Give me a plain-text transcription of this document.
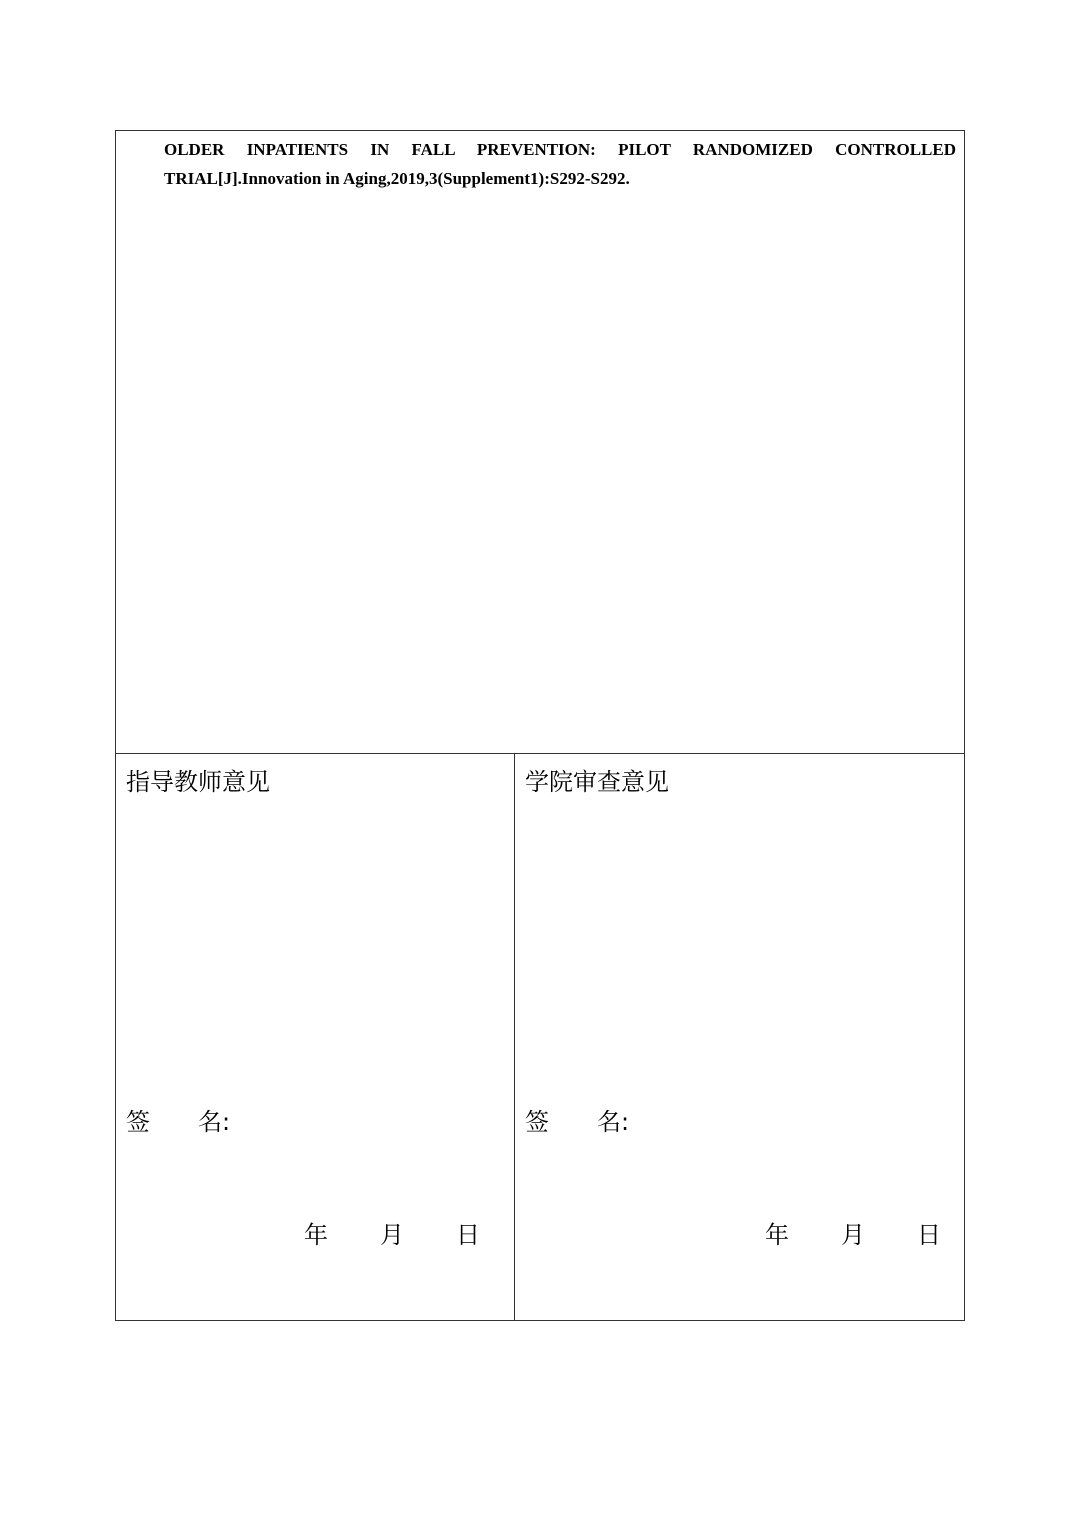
OLDER INPATIENTS IN FALL PREVENTION: PILOT RANDOMIZED CONTROLLED
TRIAL[J].Innovation in Aging,2019,3(Supplement1):S292-S292.
指导教师意见
签 名:
年 月 日
学院审查意见
签 名:
年 月 日
